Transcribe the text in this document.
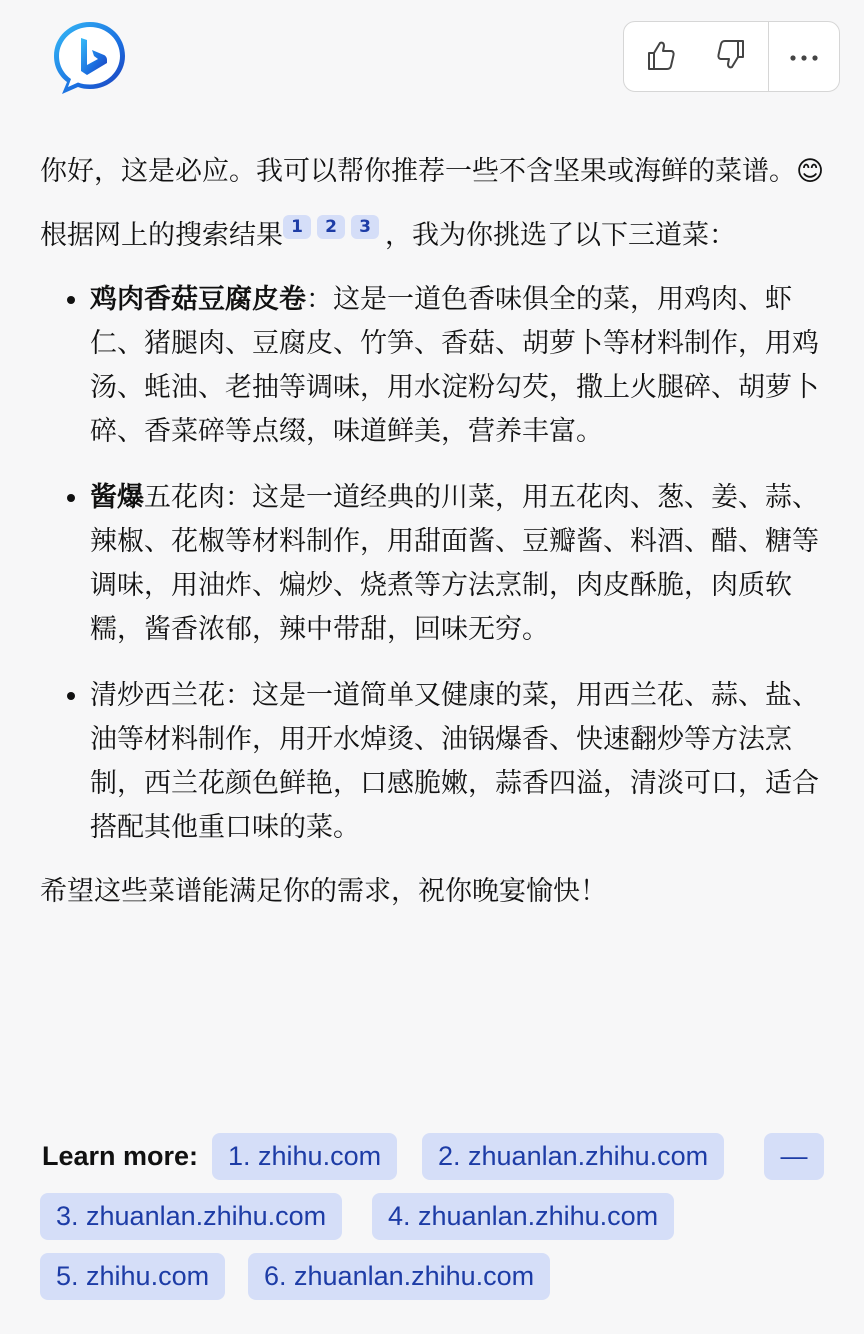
你好，这是必应。我可以帮你推荐一些不含坚果或海鲜的菜谱。😊

根据网上的搜索结果 1 2 3 ，我为你挑选了以下三道菜：

• 鸡肉香菇豆腐皮卷：这是一道色香味俱全的菜，用鸡肉、虾仁、猪腿肉、豆腐皮、竹笋、香菇、胡萝卜等材料制作，用鸡汤、蚝油、老抽等调味，用水淀粉勾芡，撒上火腿碎、胡萝卜碎、香菜碎等点缀，味道鲜美，营养丰富。
• 酱爆五花肉：这是一道经典的川菜，用五花肉、葱、姜、蒜、辣椒、花椒等材料制作，用甜面酱、豆瓣酱、料酒、醋、糖等调味，用油炸、煸炒、烧煮等方法烹制，肉皮酥脆，肉质软糯，酱香浓郁，辣中带甜，回味无穷。
• 清炒西兰花：这是一道简单又健康的菜，用西兰花、蒜、盐、油等材料制作，用开水焯烫、油锅爆香、快速翻炒等方法烹制，西兰花颜色鲜艳，口感脆嫩，蒜香四溢，清淡可口，适合搭配其他重口味的菜。

希望这些菜谱能满足你的需求，祝你晚宴愉快！

Learn more:	1. zhihu.com	2. zhuanlan.zhihu.com	—
3. zhuanlan.zhihu.com	4. zhuanlan.zhihu.com
5. zhihu.com	6. zhuanlan.zhihu.com
